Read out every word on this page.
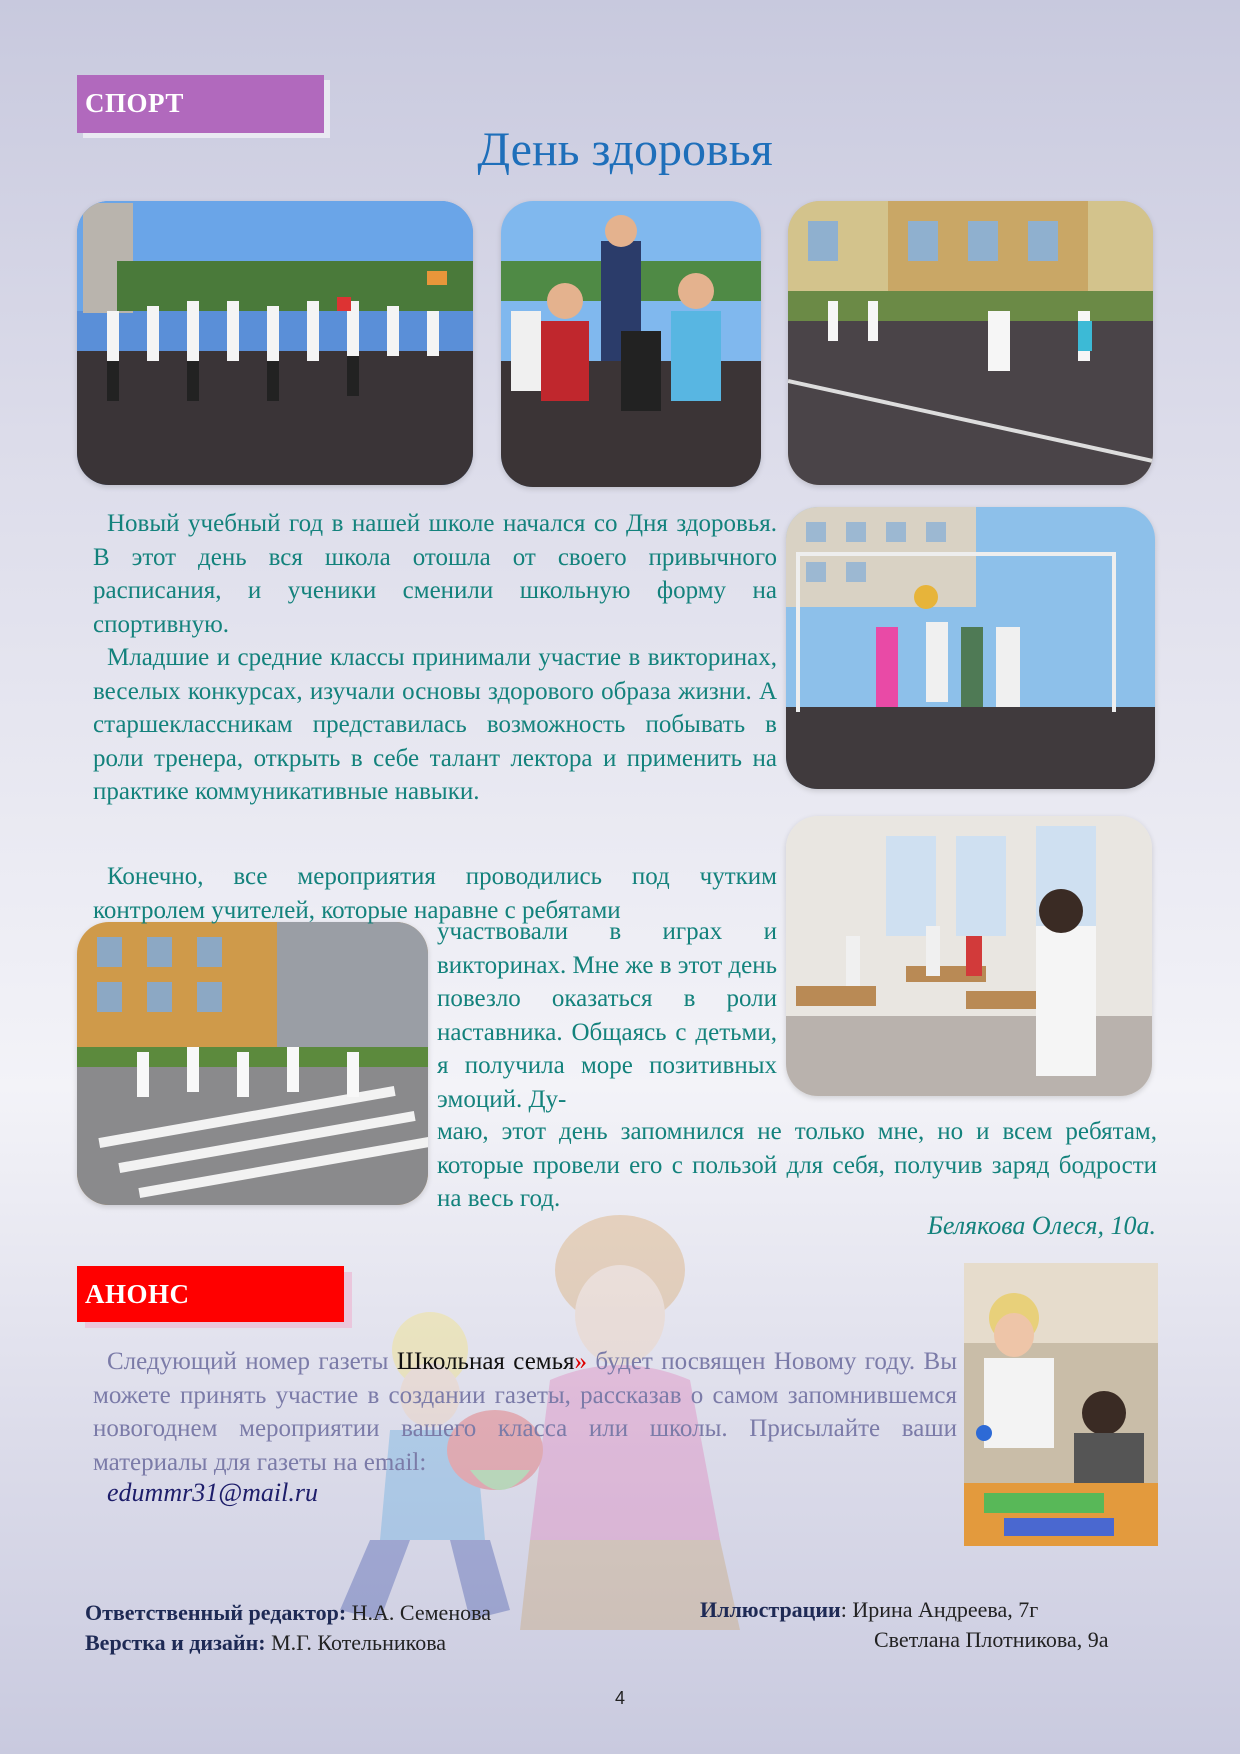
СПОРТ
День здоровья

Новый учебный год в нашей школе начался со Дня здоровья. В этот день вся школа отошла от своего привычного расписания, и ученики сменили школьную форму на спортивную.

Младшие и средние классы принимали участие в викторинах, веселых конкурсах, изучали основы здорового образа жизни. А старшеклассникам представилась возможность побывать в роли тренера, открыть в себе талант лектора и применить на практике коммуникативные навыки.

Конечно, все мероприятия проводились под чутким контролем учителей, которые наравне с ребятами

участвовали в играх и викторинах. Мне же в этот день повезло оказаться в роли наставника. Общаясь с детьми, я получила море позитивных эмоций. Ду-

маю, этот день запомнился не только мне, но и всем ребятам, которые провели его с пользой для себя, получив заряд бодрости на весь год.

Белякова Олеся, 10а.
АНОНС

Следующий номер газеты Школьная семья» будет посвящен Новому году. Вы можете принять участие в создании газеты, рассказав о самом запомнившемся новогоднем мероприятии вашего класса или школы. Присылайте ваши материалы для газеты на email:

edummr31@mail.ru
Ответственный редактор: Н.А. Семенова
Верстка и дизайн: М.Г. Котельникова
Иллюстрации: Ирина Андреева, 7г
Светлана Плотникова, 9а
4
